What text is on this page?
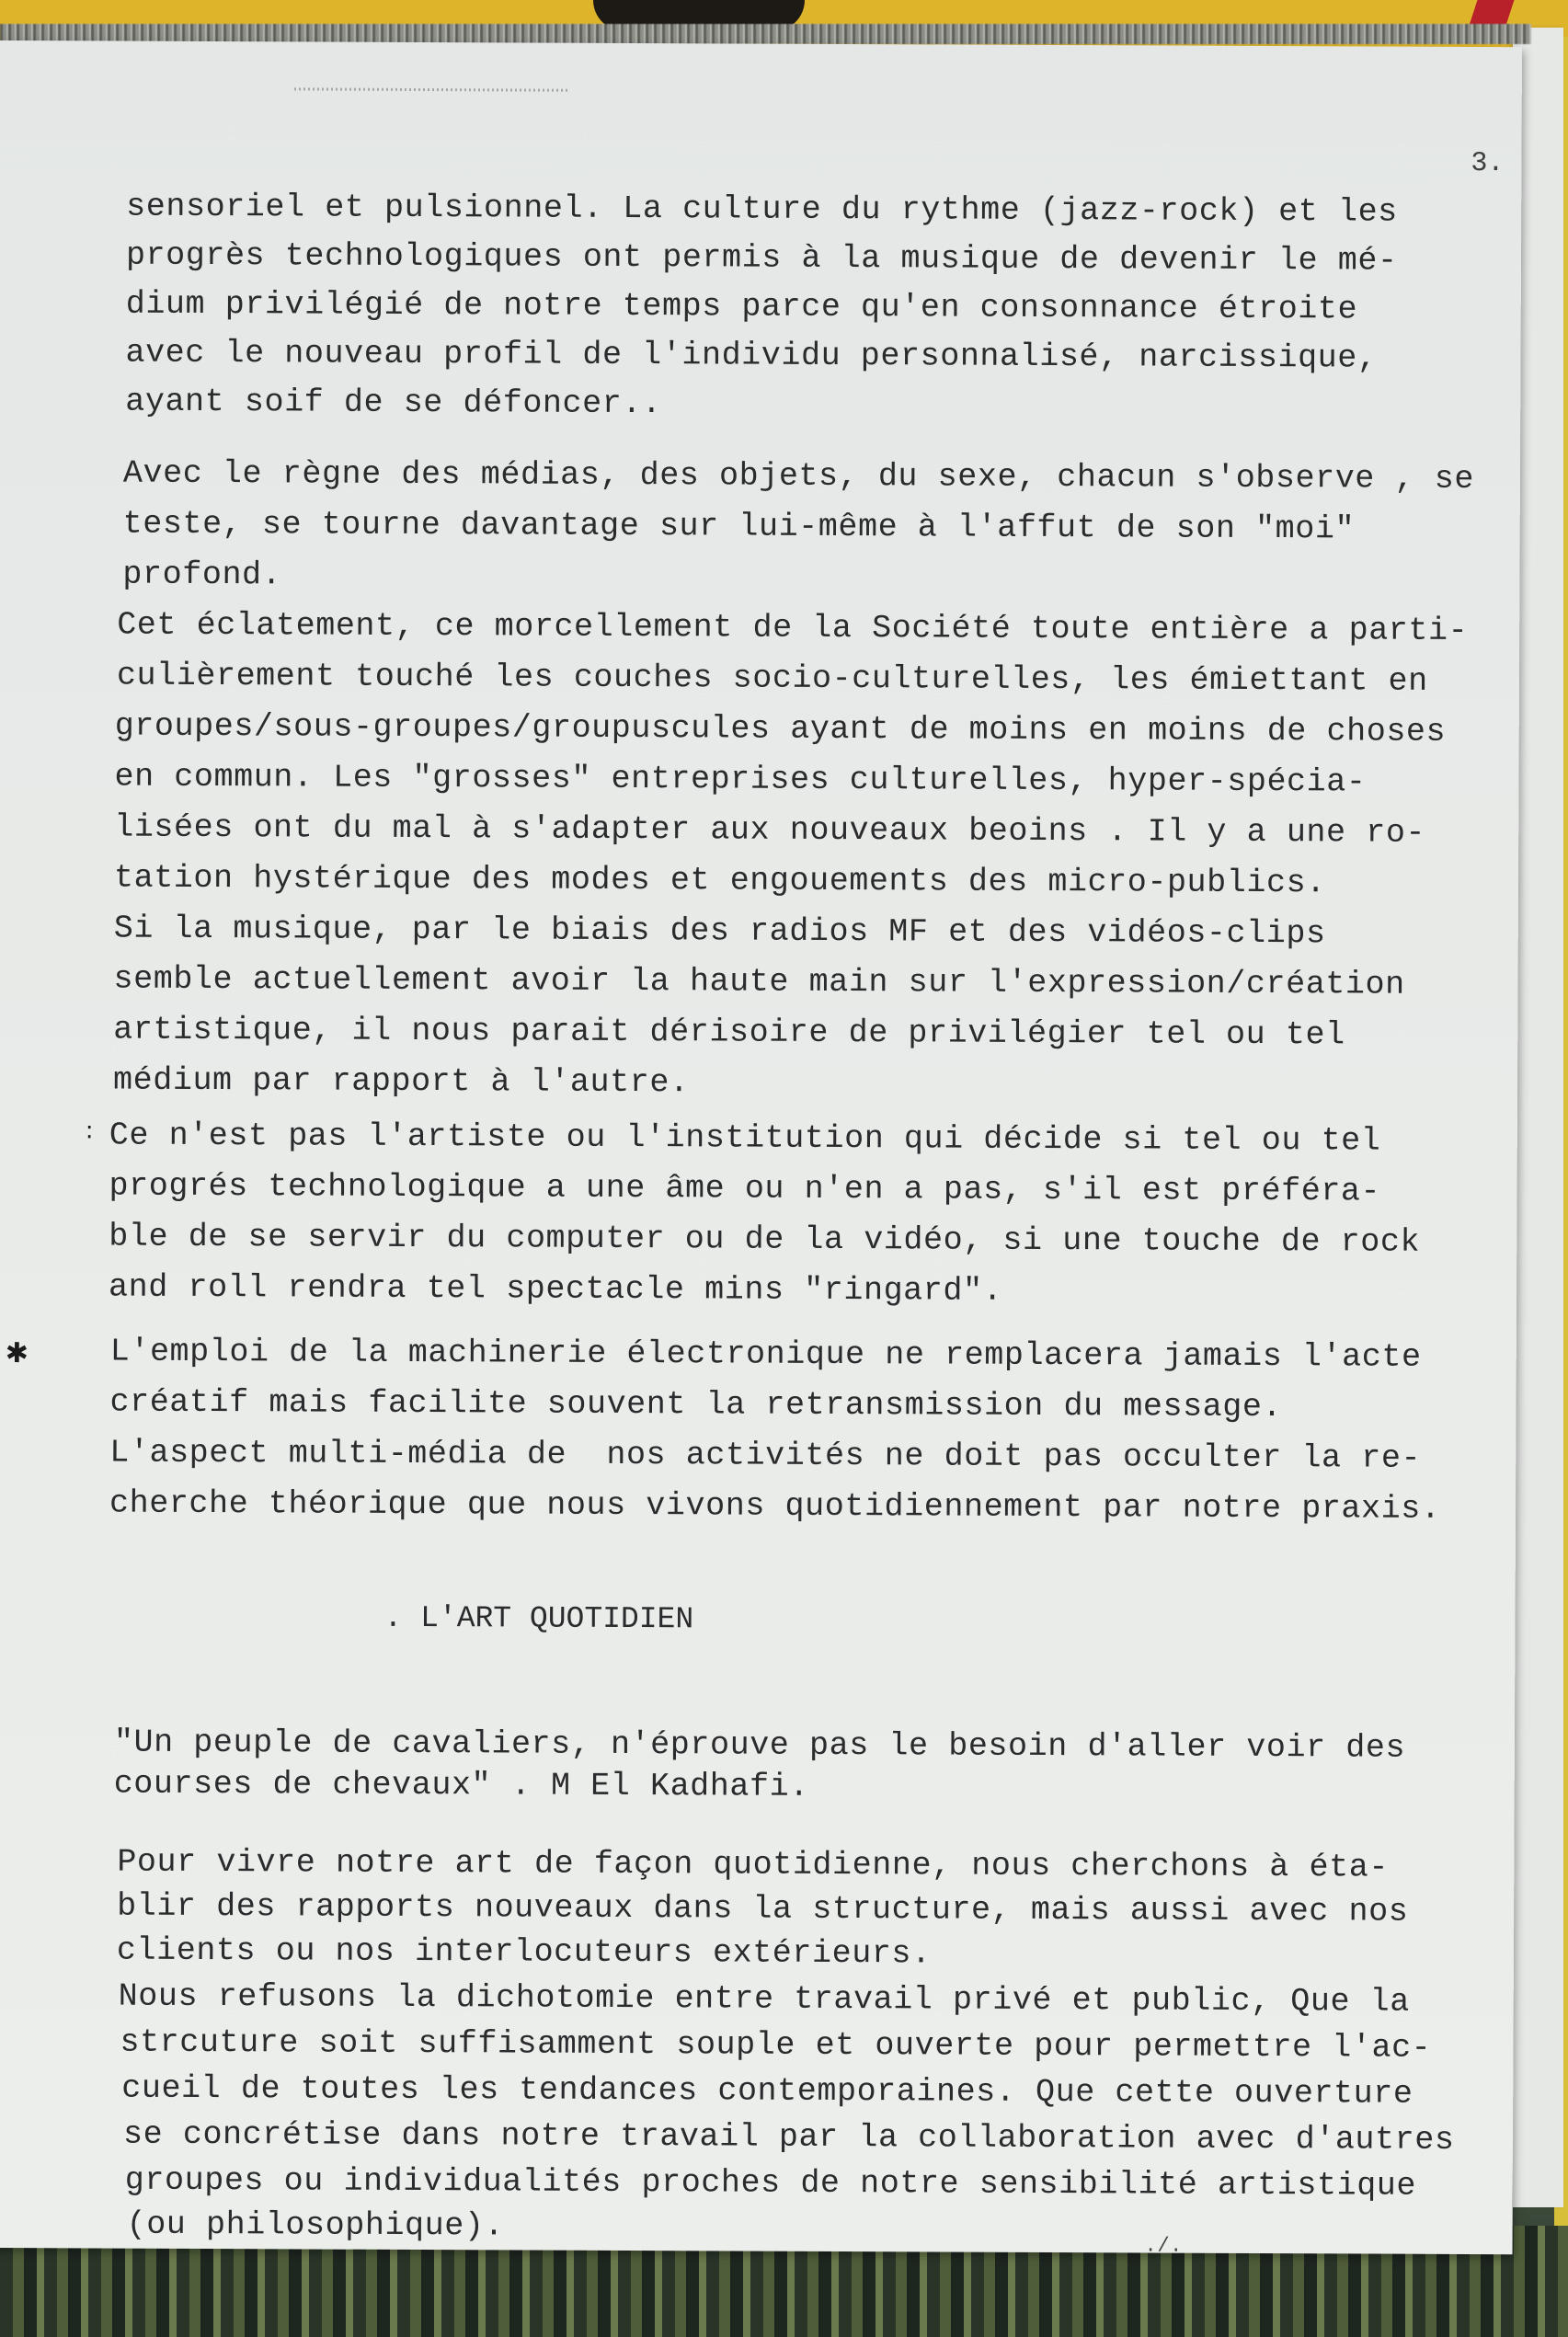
3.
sensoriel et pulsionnel. La culture du rythme (jazz-rock) et les
progrès technologiques ont permis à la musique de devenir le mé-
dium privilégié de notre temps parce qu'en consonnance étroite
avec le nouveau profil de l'individu personnalisé, narcissique,
ayant soif de se défoncer..
Avec le règne des médias, des objets, du sexe, chacun s'observe , se
teste, se tourne davantage sur lui-même à l'affut de son "moi"
profond.
Cet éclatement, ce morcellement de la Société toute entière a parti-
culièrement touché les couches socio-culturelles, les émiettant en
groupes/sous-groupes/groupuscules ayant de moins en moins de choses
en commun. Les "grosses" entreprises culturelles, hyper-spécia-
lisées ont du mal à s'adapter aux nouveaux beoins . Il y a une ro-
tation hystérique des modes et engouements des micro-publics.
Si la musique, par le biais des radios MF et des vidéos-clips
semble actuellement avoir la haute main sur l'expression/création
artistique, il nous parait dérisoire de privilégier tel ou tel
médium par rapport à l'autre.
: Ce n'est pas l'artiste ou l'institution qui décide si tel ou tel
progrés technologique a une âme ou n'en a pas, s'il est préféra-
ble de se servir du computer ou de la vidéo, si une touche de rock
and roll rendra tel spectacle mins "ringard".
✱	L'emploi de la machinerie électronique ne remplacera jamais l'acte
créatif mais facilite souvent la retransmission du message.
L'aspect multi-média de  nos activités ne doit pas occulter la re-
cherche théorique que nous vivons quotidiennement par notre praxis.
. L'ART QUOTIDIEN
"Un peuple de cavaliers, n'éprouve pas le besoin d'aller voir des
courses de chevaux" . M El Kadhafi.
Pour vivre notre art de façon quotidienne, nous cherchons à éta-
blir des rapports nouveaux dans la structure, mais aussi avec nos
clients ou nos interlocuteurs extérieurs.
Nous refusons la dichotomie entre travail privé et public, Que la
strcuture soit suffisamment souple et ouverte pour permettre l'ac-
cueil de toutes les tendances contemporaines. Que cette ouverture
se concrétise dans notre travail par la collaboration avec d'autres
groupes ou individualités proches de notre sensibilité artistique
(ou philosophique).
./.
